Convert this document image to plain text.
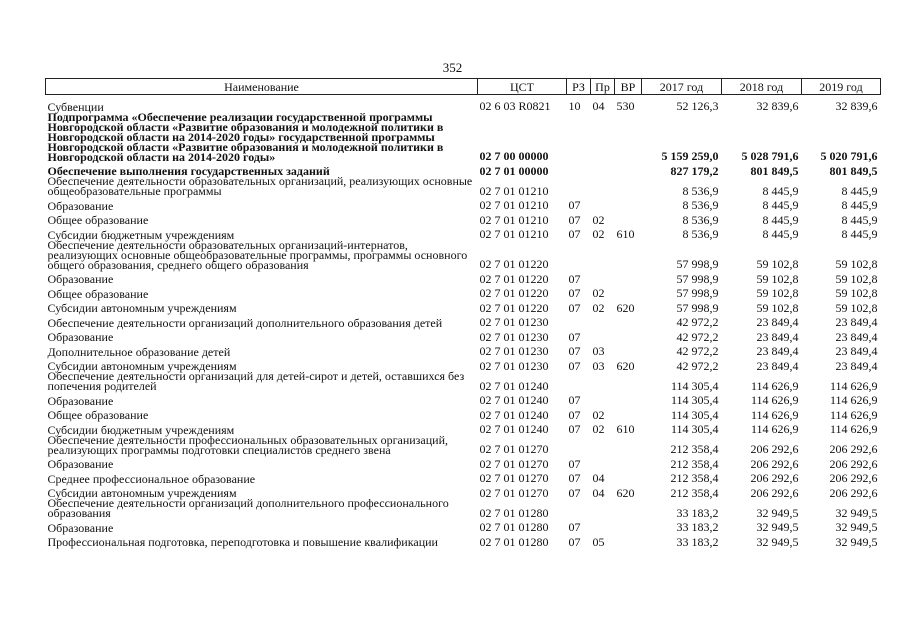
352
Наименование	ЦСТ	РЗ	Пр	ВР	2017 год	2018 год	2019 год
Субвенции	02 6 03 R0821	10	04	530	52 126,3	32 839,6	32 839,6
Подпрограмма «Обеспечение реализации государственной программы Новгородской области «Развитие образования и молодежной политики в Новгородской области на 2014-2020 годы» государственной программы Новгородской области «Развитие образования и молодежной политики в Новгородской области на 2014-2020 годы»	02 7 00 00000				5 159 259,0	5 028 791,6	5 020 791,6
Обеспечение выполнения государственных заданий	02 7 01 00000				827 179,2	801 849,5	801 849,5
Обеспечение деятельности образовательных организаций, реализующих основные общеобразовательные программы	02 7 01 01210				8 536,9	8 445,9	8 445,9
Образование	02 7 01 01210	07			8 536,9	8 445,9	8 445,9
Общее образование	02 7 01 01210	07	02		8 536,9	8 445,9	8 445,9
Субсидии бюджетным учреждениям	02 7 01 01210	07	02	610	8 536,9	8 445,9	8 445,9
Обеспечение деятельности образовательных организаций-интернатов, реализующих основные общеобразовательные программы, программы основного общего образования, среднего общего образования	02 7 01 01220				57 998,9	59 102,8	59 102,8
Образование	02 7 01 01220	07			57 998,9	59 102,8	59 102,8
Общее образование	02 7 01 01220	07	02		57 998,9	59 102,8	59 102,8
Субсидии автономным учреждениям	02 7 01 01220	07	02	620	57 998,9	59 102,8	59 102,8
Обеспечение деятельности организаций дополнительного образования детей	02 7 01 01230				42 972,2	23 849,4	23 849,4
Образование	02 7 01 01230	07			42 972,2	23 849,4	23 849,4
Дополнительное образование детей	02 7 01 01230	07	03		42 972,2	23 849,4	23 849,4
Субсидии автономным учреждениям	02 7 01 01230	07	03	620	42 972,2	23 849,4	23 849,4
Обеспечение деятельности организаций для детей-сирот и детей, оставшихся без попечения родителей	02 7 01 01240				114 305,4	114 626,9	114 626,9
Образование	02 7 01 01240	07			114 305,4	114 626,9	114 626,9
Общее образование	02 7 01 01240	07	02		114 305,4	114 626,9	114 626,9
Субсидии бюджетным учреждениям	02 7 01 01240	07	02	610	114 305,4	114 626,9	114 626,9
Обеспечение деятельности профессиональных образовательных организаций, реализующих программы подготовки специалистов среднего звена	02 7 01 01270				212 358,4	206 292,6	206 292,6
Образование	02 7 01 01270	07			212 358,4	206 292,6	206 292,6
Среднее профессиональное образование	02 7 01 01270	07	04		212 358,4	206 292,6	206 292,6
Субсидии автономным учреждениям	02 7 01 01270	07	04	620	212 358,4	206 292,6	206 292,6
Обеспечение деятельности организаций дополнительного профессионального образования	02 7 01 01280				33 183,2	32 949,5	32 949,5
Образование	02 7 01 01280	07			33 183,2	32 949,5	32 949,5
Профессиональная подготовка, переподготовка и повышение квалификации	02 7 01 01280	07	05		33 183,2	32 949,5	32 949,5
